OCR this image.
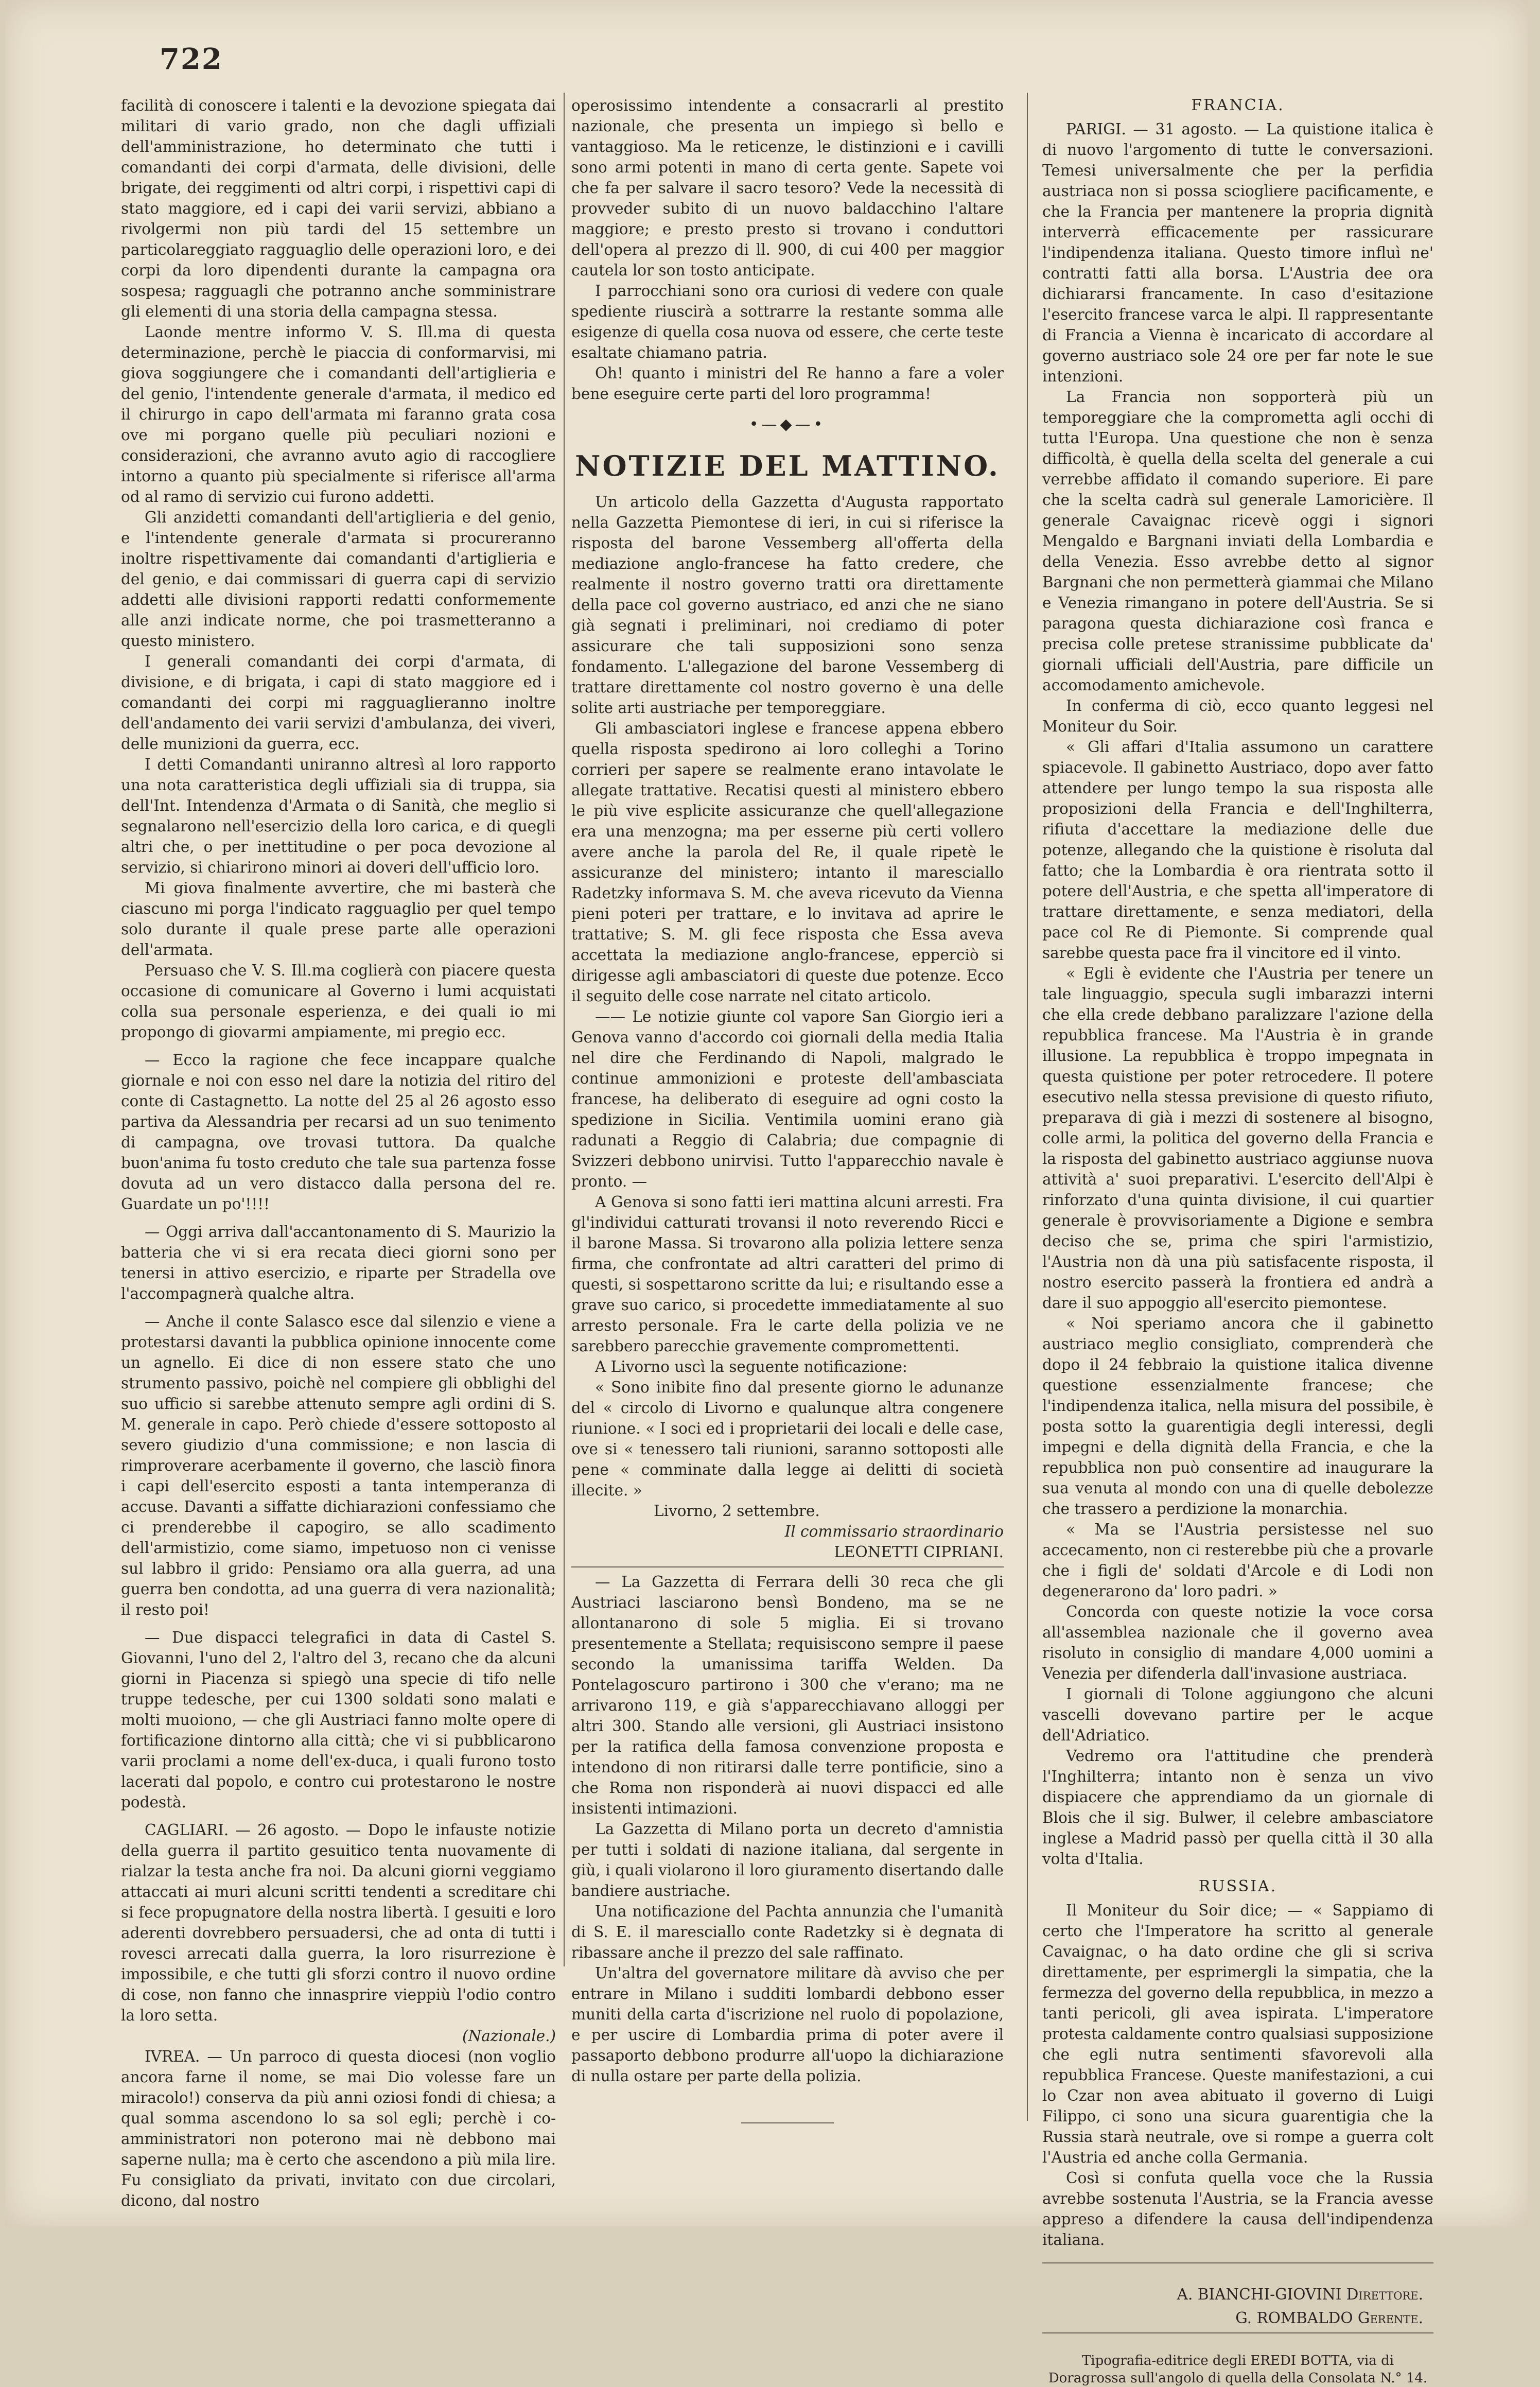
722

facilità di conoscere i talenti e la devozione spiegata dai militari di vario grado, non che dagli uffiziali dell'amministrazione, ho determinato che tutti i comandanti dei corpi d'armata, delle divisioni, delle brigate, dei reggimenti od altri corpi, i rispettivi capi di stato maggiore, ed i capi dei varii servizi, abbiano a rivolgermi non più tardi del 15 settembre un particolareggiato ragguaglio delle operazioni loro, e dei corpi da loro dipendenti durante la campagna ora sospesa; ragguagli che potranno anche somministrare gli elementi di una storia della campagna stessa.

Laonde mentre informo V. S. Ill.ma di questa determinazione, perchè le piaccia di conformarvisi, mi giova soggiungere che i comandanti dell'artiglieria e del genio, l'intendente generale d'armata, il medico ed il chirurgo in capo dell'armata mi faranno grata cosa ove mi porgano quelle più peculiari nozioni e considerazioni, che avranno avuto agio di raccogliere intorno a quanto più specialmente si riferisce all'arma od al ramo di servizio cui furono addetti.

Gli anzidetti comandanti dell'artiglieria e del genio, e l'intendente generale d'armata si procureranno inoltre rispettivamente dai comandanti d'artiglieria e del genio, e dai commissari di guerra capi di servizio addetti alle divisioni rapporti redatti conformemente alle anzi indicate norme, che poi trasmetteranno a questo ministero.

I generali comandanti dei corpi d'armata, di divisione, e di brigata, i capi di stato maggiore ed i comandanti dei corpi mi ragguaglieranno inoltre dell'andamento dei varii servizi d'ambulanza, dei viveri, delle munizioni da guerra, ecc.

I detti Comandanti uniranno altresì al loro rapporto una nota caratteristica degli uffiziali sia di truppa, sia dell'Int. Intendenza d'Armata o di Sanità, che meglio si segnalarono nell'esercizio della loro carica, e di quegli altri che, o per inettitudine o per poca devozione al servizio, si chiarirono minori ai doveri dell'ufficio loro.

Mi giova finalmente avvertire, che mi basterà che ciascuno mi porga l'indicato ragguaglio per quel tempo solo durante il quale prese parte alle operazioni dell'armata.

Persuaso che V. S. Ill.ma coglierà con piacere questa occasione di comunicare al Governo i lumi acquistati colla sua personale esperienza, e dei quali io mi propongo di giovarmi ampiamente, mi pregio ecc.

— Ecco la ragione che fece incappare qualche giornale e noi con esso nel dare la notizia del ritiro del conte di Castagnetto. La notte del 25 al 26 agosto esso partiva da Alessandria per recarsi ad un suo tenimento di campagna, ove trovasi tuttora. Da qualche buon'anima fu tosto creduto che tale sua partenza fosse dovuta ad un vero distacco dalla persona del re. Guardate un po'!!!!

— Oggi arriva dall'accantonamento di S. Maurizio la batteria che vi si era recata dieci giorni sono per tenersi in attivo esercizio, e riparte per Stradella ove l'accompagnerà qualche altra.

— Anche il conte Salasco esce dal silenzio e viene a protestarsi davanti la pubblica opinione innocente come un agnello. Ei dice di non essere stato che uno strumento passivo, poichè nel compiere gli obblighi del suo ufficio si sarebbe attenuto sempre agli ordini di S. M. generale in capo. Però chiede d'essere sottoposto al severo giudizio d'una commissione; e non lascia di rimproverare acerbamente il governo, che lasciò finora i capi dell'esercito esposti a tanta intemperanza di accuse. Davanti a siffatte dichiarazioni confessiamo che ci prenderebbe il capogiro, se allo scadimento dell'armistizio, come siamo, impetuoso non ci venisse sul labbro il grido: Pensiamo ora alla guerra, ad una guerra ben condotta, ad una guerra di vera nazionalità; il resto poi!

— Due dispacci telegrafici in data di Castel S. Giovanni, l'uno del 2, l'altro del 3, recano che da alcuni giorni in Piacenza si spiegò una specie di tifo nelle truppe tedesche, per cui 1300 soldati sono malati e molti muoiono, — che gli Austriaci fanno molte opere di fortificazione dintorno alla città; che vi si pubblicarono varii proclami a nome dell'ex-duca, i quali furono tosto lacerati dal popolo, e contro cui protestarono le nostre podestà.

CAGLIARI. — 26 agosto. — Dopo le infauste notizie della guerra il partito gesuitico tenta nuovamente di rialzar la testa anche fra noi. Da alcuni giorni veggiamo attaccati ai muri alcuni scritti tendenti a screditare chi si fece propugnatore della nostra libertà. I gesuiti e loro aderenti dovrebbero persuadersi, che ad onta di tutti i rovesci arrecati dalla guerra, la loro risurrezione è impossibile, e che tutti gli sforzi contro il nuovo ordine di cose, non fanno che innasprire vieppiù l'odio contro la loro setta.

(Nazionale.)

IVREA. — Un parroco di questa diocesi (non voglio ancora farne il nome, se mai Dio volesse fare un miracolo!) conserva da più anni oziosi fondi di chiesa; a qual somma ascendono lo sa sol egli; perchè i co-amministratori non poterono mai nè debbono mai saperne nulla; ma è certo che ascendono a più mila lire. Fu consigliato da privati, invitato con due circolari, dicono, dal nostro

operosissimo intendente a consacrarli al prestito nazionale, che presenta un impiego sì bello e vantaggioso. Ma le reticenze, le distinzioni e i cavilli sono armi potenti in mano di certa gente. Sapete voi che fa per salvare il sacro tesoro? Vede la necessità di provveder subito di un nuovo baldacchino l'altare maggiore; e presto presto si trovano i conduttori dell'opera al prezzo di ll. 900, di cui 400 per maggior cautela lor son tosto anticipate.

I parrocchiani sono ora curiosi di vedere con quale spediente riuscirà a sottrarre la restante somma alle esigenze di quella cosa nuova od essere, che certe teste esaltate chiamano patria.

Oh! quanto i ministri del Re hanno a fare a voler bene eseguire certe parti del loro programma!

•—◆—•
NOTIZIE DEL MATTINO.

Un articolo della Gazzetta d'Augusta rapportato nella Gazzetta Piemontese di ieri, in cui si riferisce la risposta del barone Vessemberg all'offerta della mediazione anglo-francese ha fatto credere, che realmente il nostro governo tratti ora direttamente della pace col governo austriaco, ed anzi che ne siano già segnati i preliminari, noi crediamo di poter assicurare che tali supposizioni sono senza fondamento. L'allegazione del barone Vessemberg di trattare direttamente col nostro governo è una delle solite arti austriache per temporeggiare.

Gli ambasciatori inglese e francese appena ebbero quella risposta spedirono ai loro colleghi a Torino corrieri per sapere se realmente erano intavolate le allegate trattative. Recatisi questi al ministero ebbero le più vive esplicite assicuranze che quell'allegazione era una menzogna; ma per esserne più certi vollero avere anche la parola del Re, il quale ripetè le assicuranze del ministero; intanto il maresciallo Radetzky informava S. M. che aveva ricevuto da Vienna pieni poteri per trattare, e lo invitava ad aprire le trattative; S. M. gli fece risposta che Essa aveva accettata la mediazione anglo-francese, epperciò si dirigesse agli ambasciatori di queste due potenze. Ecco il seguito delle cose narrate nel citato articolo.

—— Le notizie giunte col vapore San Giorgio ieri a Genova vanno d'accordo coi giornali della media Italia nel dire che Ferdinando di Napoli, malgrado le continue ammonizioni e proteste dell'ambasciata francese, ha deliberato di eseguire ad ogni costo la spedizione in Sicilia. Ventimila uomini erano già radunati a Reggio di Calabria; due compagnie di Svizzeri debbono unirvisi. Tutto l'apparecchio navale è pronto. —

A Genova si sono fatti ieri mattina alcuni arresti. Fra gl'individui catturati trovansi il noto reverendo Ricci e il barone Massa. Si trovarono alla polizia lettere senza firma, che confrontate ad altri caratteri del primo di questi, si sospettarono scritte da lui; e risultando esse a grave suo carico, si procedette immediatamente al suo arresto personale. Fra le carte della polizia ve ne sarebbero parecchie gravemente compromettenti.

A Livorno uscì la seguente notificazione:

« Sono inibite fino dal presente giorno le adunanze del « circolo di Livorno e qualunque altra congenere riunione. « I soci ed i proprietarii dei locali e delle case, ove si « tenessero tali riunioni, saranno sottoposti alle pene « comminate dalla legge ai delitti di società illecite. »

Livorno, 2 settembre.

Il commissario straordinario

LEONETTI CIPRIANI.

— La Gazzetta di Ferrara delli 30 reca che gli Austriaci lasciarono bensì Bondeno, ma se ne allontanarono di sole 5 miglia. Ei si trovano presentemente a Stellata; requisiscono sempre il paese secondo la umanissima tariffa Welden. Da Pontelagoscuro partirono i 300 che v'erano; ma ne arrivarono 119, e già s'apparecchiavano alloggi per altri 300. Stando alle versioni, gli Austriaci insistono per la ratifica della famosa convenzione proposta e intendono di non ritirarsi dalle terre pontificie, sino a che Roma non risponderà ai nuovi dispacci ed alle insistenti intimazioni.

La Gazzetta di Milano porta un decreto d'amnistia per tutti i soldati di nazione italiana, dal sergente in giù, i quali violarono il loro giuramento disertando dalle bandiere austriache.

Una notificazione del Pachta annunzia che l'umanità di S. E. il maresciallo conte Radetzky si è degnata di ribassare anche il prezzo del sale raffinato.

Un'altra del governatore militare dà avviso che per entrare in Milano i sudditi lombardi debbono esser muniti della carta d'iscrizione nel ruolo di popolazione, e per uscire di Lombardia prima di poter avere il passaporto debbono produrre all'uopo la dichiarazione di nulla ostare per parte della polizia.

FRANCIA.

PARIGI. — 31 agosto. — La quistione italica è di nuovo l'argomento di tutte le conversazioni. Temesi universalmente che per la perfidia austriaca non si possa sciogliere pacificamente, e che la Francia per mantenere la propria dignità interverrà efficacemente per rassicurare l'indipendenza italiana. Questo timore influì ne' contratti fatti alla borsa. L'Austria dee ora dichiararsi francamente. In caso d'esitazione l'esercito francese varca le alpi. Il rappresentante di Francia a Vienna è incaricato di accordare al governo austriaco sole 24 ore per far note le sue intenzioni.

La Francia non sopporterà più un temporeggiare che la comprometta agli occhi di tutta l'Europa. Una questione che non è senza difficoltà, è quella della scelta del generale a cui verrebbe affidato il comando superiore. Ei pare che la scelta cadrà sul generale Lamoricière. Il generale Cavaignac ricevè oggi i signori Mengaldo e Bargnani inviati della Lombardia e della Venezia. Esso avrebbe detto al signor Bargnani che non permetterà giammai che Milano e Venezia rimangano in potere dell'Austria. Se si paragona questa dichiarazione così franca e precisa colle pretese stranissime pubblicate da' giornali ufficiali dell'Austria, pare difficile un accomodamento amichevole.

In conferma di ciò, ecco quanto leggesi nel Moniteur du Soir.

« Gli affari d'Italia assumono un carattere spiacevole. Il gabinetto Austriaco, dopo aver fatto attendere per lungo tempo la sua risposta alle proposizioni della Francia e dell'Inghilterra, rifiuta d'accettare la mediazione delle due potenze, allegando che la quistione è risoluta dal fatto; che la Lombardia è ora rientrata sotto il potere dell'Austria, e che spetta all'imperatore di trattare direttamente, e senza mediatori, della pace col Re di Piemonte. Si comprende qual sarebbe questa pace fra il vincitore ed il vinto.

« Egli è evidente che l'Austria per tenere un tale linguaggio, specula sugli imbarazzi interni che ella crede debbano paralizzare l'azione della repubblica francese. Ma l'Austria è in grande illusione. La repubblica è troppo impegnata in questa quistione per poter retrocedere. Il potere esecutivo nella stessa previsione di questo rifiuto, preparava di già i mezzi di sostenere al bisogno, colle armi, la politica del governo della Francia e la risposta del gabinetto austriaco aggiunse nuova attività a' suoi preparativi. L'esercito dell'Alpi è rinforzato d'una quinta divisione, il cui quartier generale è provvisoriamente a Digione e sembra deciso che se, prima che spiri l'armistizio, l'Austria non dà una più satisfacente risposta, il nostro esercito passerà la frontiera ed andrà a dare il suo appoggio all'esercito piemontese.

« Noi speriamo ancora che il gabinetto austriaco meglio consigliato, comprenderà che dopo il 24 febbraio la quistione italica divenne questione essenzialmente francese; che l'indipendenza italica, nella misura del possibile, è posta sotto la guarentigia degli interessi, degli impegni e della dignità della Francia, e che la repubblica non può consentire ad inaugurare la sua venuta al mondo con una di quelle debolezze che trassero a perdizione la monarchia.

« Ma se l'Austria persistesse nel suo accecamento, non ci resterebbe più che a provarle che i figli de' soldati d'Arcole e di Lodi non degenerarono da' loro padri. »

Concorda con queste notizie la voce corsa all'assemblea nazionale che il governo avea risoluto in consiglio di mandare 4,000 uomini a Venezia per difenderla dall'invasione austriaca.

I giornali di Tolone aggiungono che alcuni vascelli dovevano partire per le acque dell'Adriatico.

Vedremo ora l'attitudine che prenderà l'Inghilterra; intanto non è senza un vivo dispiacere che apprendiamo da un giornale di Blois che il sig. Bulwer, il celebre ambasciatore inglese a Madrid passò per quella città il 30 alla volta d'Italia.

RUSSIA.

Il Moniteur du Soir dice; — « Sappiamo di certo che l'Imperatore ha scritto al generale Cavaignac, o ha dato ordine che gli si scriva direttamente, per esprimergli la simpatia, che la fermezza del governo della repubblica, in mezzo a tanti pericoli, gli avea ispirata. L'imperatore protesta caldamente contro qualsiasi supposizione che egli nutra sentimenti sfavorevoli alla repubblica Francese. Queste manifestazioni, a cui lo Czar non avea abituato il governo di Luigi Filippo, ci sono una sicura guarentigia che la Russia starà neutrale, ove si rompe a guerra colt l'Austria ed anche colla Germania.

Così si confuta quella voce che la Russia avrebbe sostenuta l'Austria, se la Francia avesse appreso a difendere la causa dell'indipendenza italiana.

A. BIANCHI-GIOVINI Direttore.
G. ROMBALDO Gerente.
Tipografia-editrice degli EREDI BOTTA, via di Doragrossa sull'angolo di quella della Consolata N.° 14.
